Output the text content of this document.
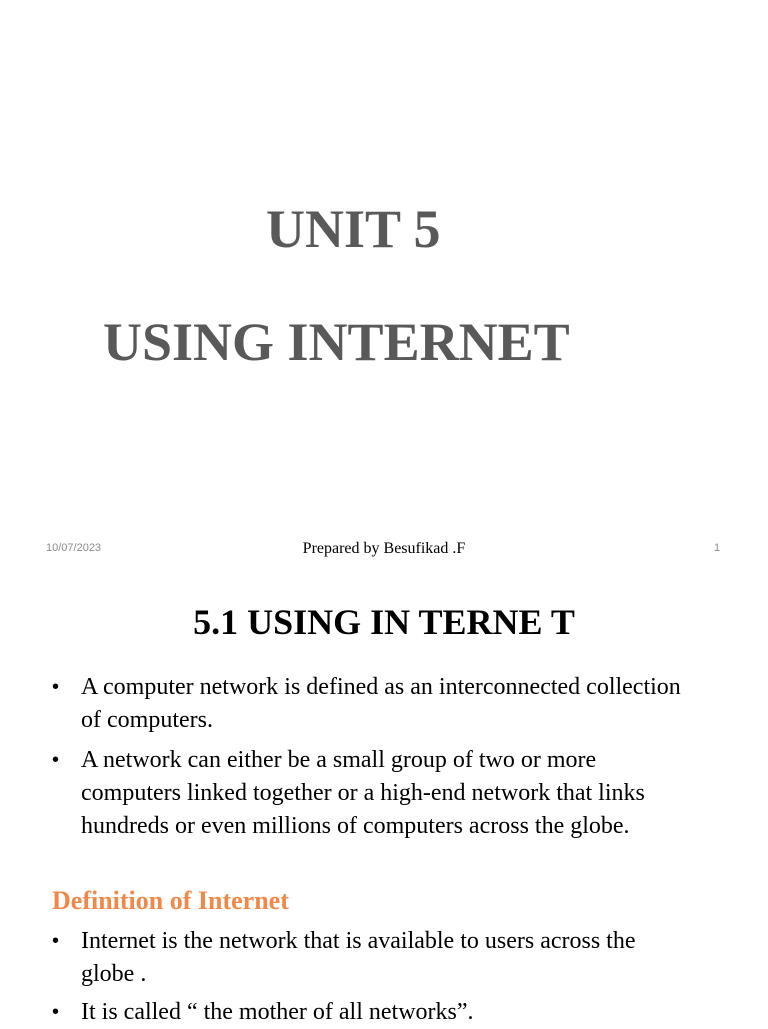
UNIT 5
USING INTERNET
10/07/2023	Prepared by Besufikad .F	1
5.1 USING IN TERNE T
• A computer network is defined as an interconnected collection of computers.
• A network can either be a small group of two or more computers linked together or a high-end network that links hundreds or even millions of computers across the globe.
Definition of Internet
• Internet is the network that is available to users across the globe .
• It is called “ the mother of all networks”.
